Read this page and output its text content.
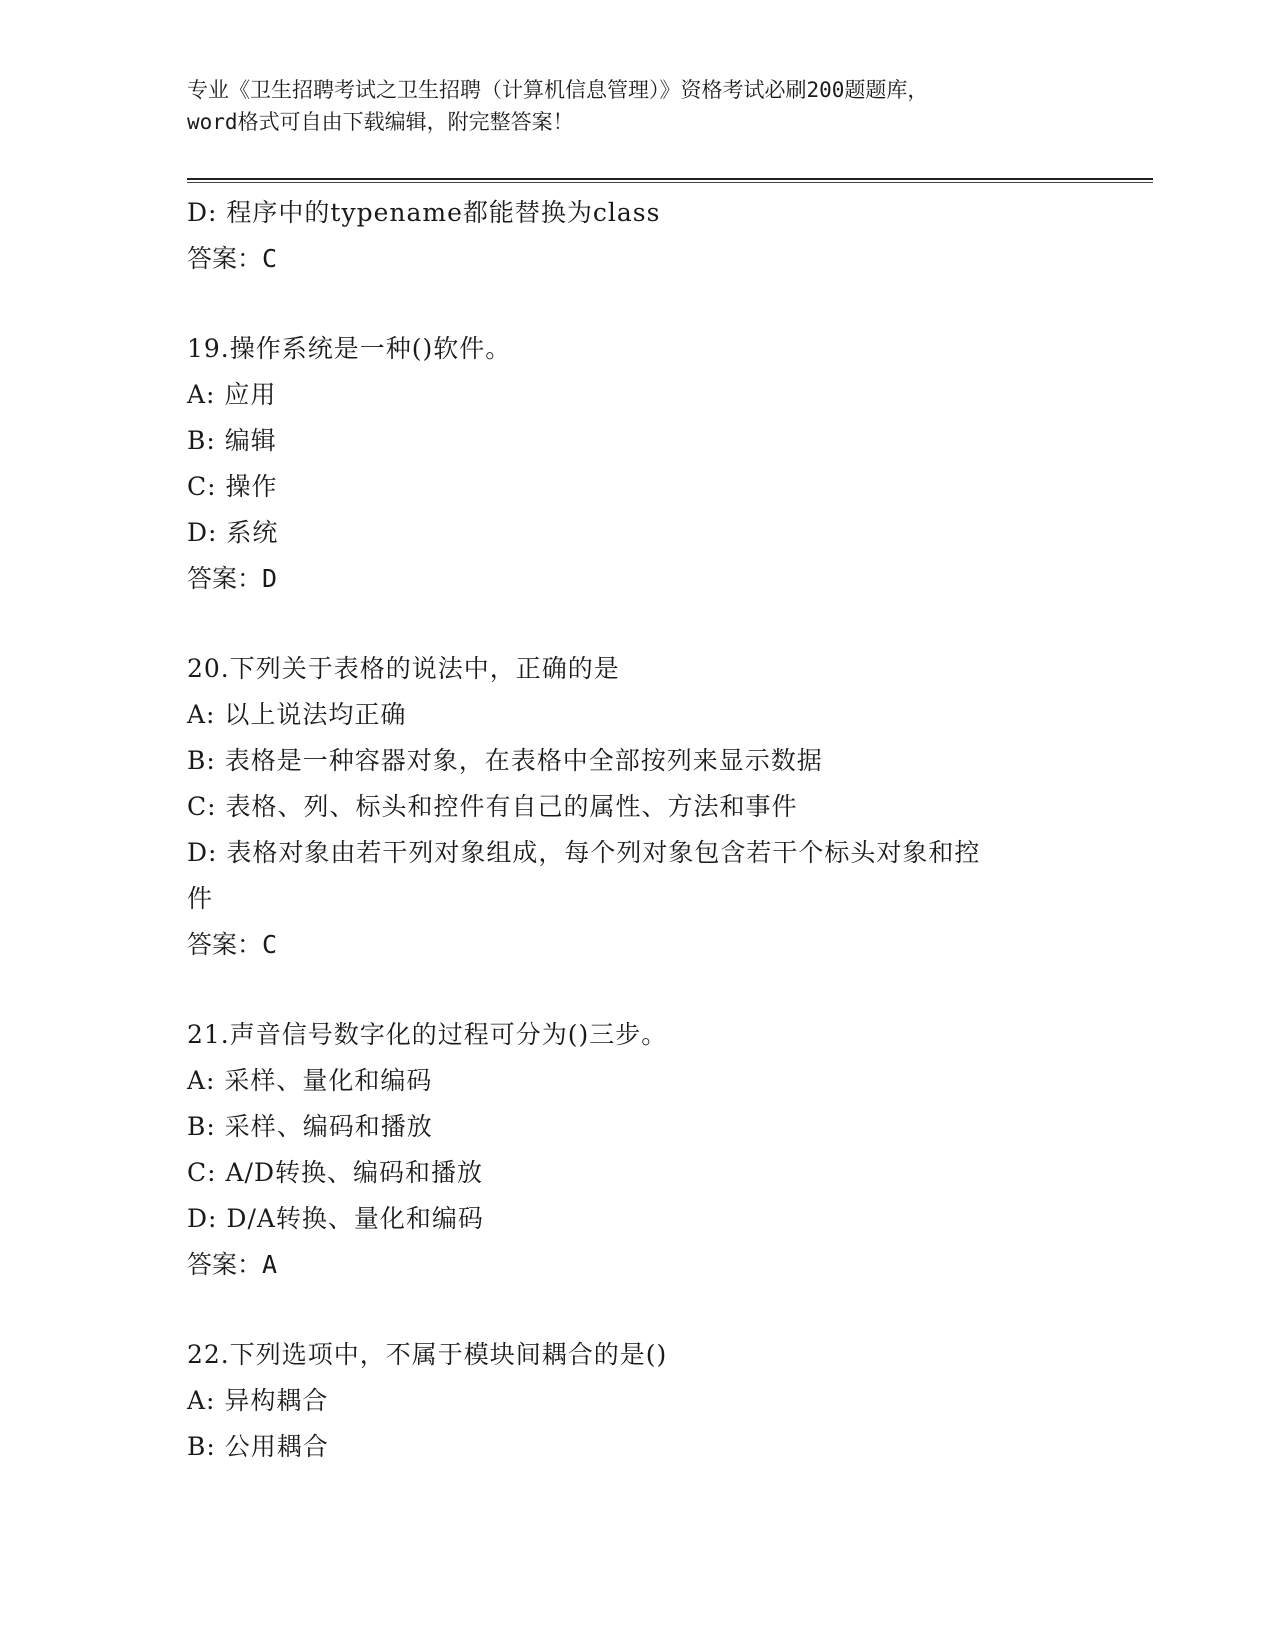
专业《卫生招聘考试之卫生招聘（计算机信息管理）》资格考试必刷200题题库，
word格式可自由下载编辑，附完整答案！
D: 程序中的typename都能替换为class
答案：C
19.操作系统是一种()软件。
A: 应用
B: 编辑
C: 操作
D: 系统
答案：D
20.下列关于表格的说法中，正确的是
A: 以上说法均正确
B: 表格是一种容器对象，在表格中全部按列来显示数据
C: 表格、列、标头和控件有自己的属性、方法和事件
D: 表格对象由若干列对象组成，每个列对象包含若干个标头对象和控
件
答案：C
21.声音信号数字化的过程可分为()三步。
A: 采样、量化和编码
B: 采样、编码和播放
C: A/D转换、编码和播放
D: D/A转换、量化和编码
答案：A
22.下列选项中，不属于模块间耦合的是()
A: 异构耦合
B: 公用耦合
